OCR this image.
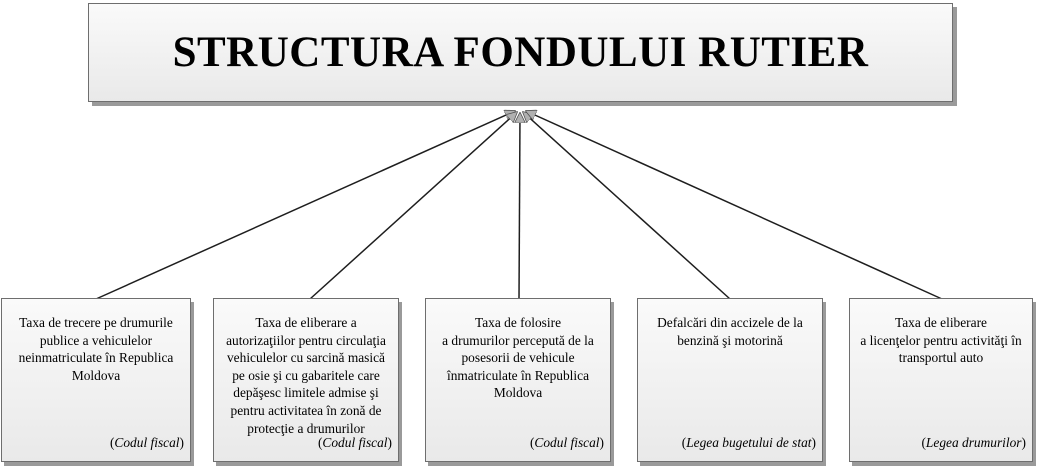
STRUCTURA FONDULUI RUTIER
Taxa de trecere pe drumurile
publice a vehiculelor
neinmatriculate în Republica
Moldova
(Codul fiscal)
Taxa de eliberare a
autorizaţiilor pentru circulaţia
vehiculelor cu sarcină masică
pe osie şi cu gabaritele care
depăşesc limitele admise şi
pentru activitatea în zonă de
protecţie a drumurilor
(Codul fiscal)
Taxa de folosire
a drumurilor percepută de la
posesorii de vehicule
înmatriculate în Republica
Moldova
(Codul fiscal)
Defalcări din accizele de la
benzină şi motorină
(Legea bugetului de stat)
Taxa de eliberare
a licenţelor pentru activităţi în
transportul auto
(Legea drumurilor)
